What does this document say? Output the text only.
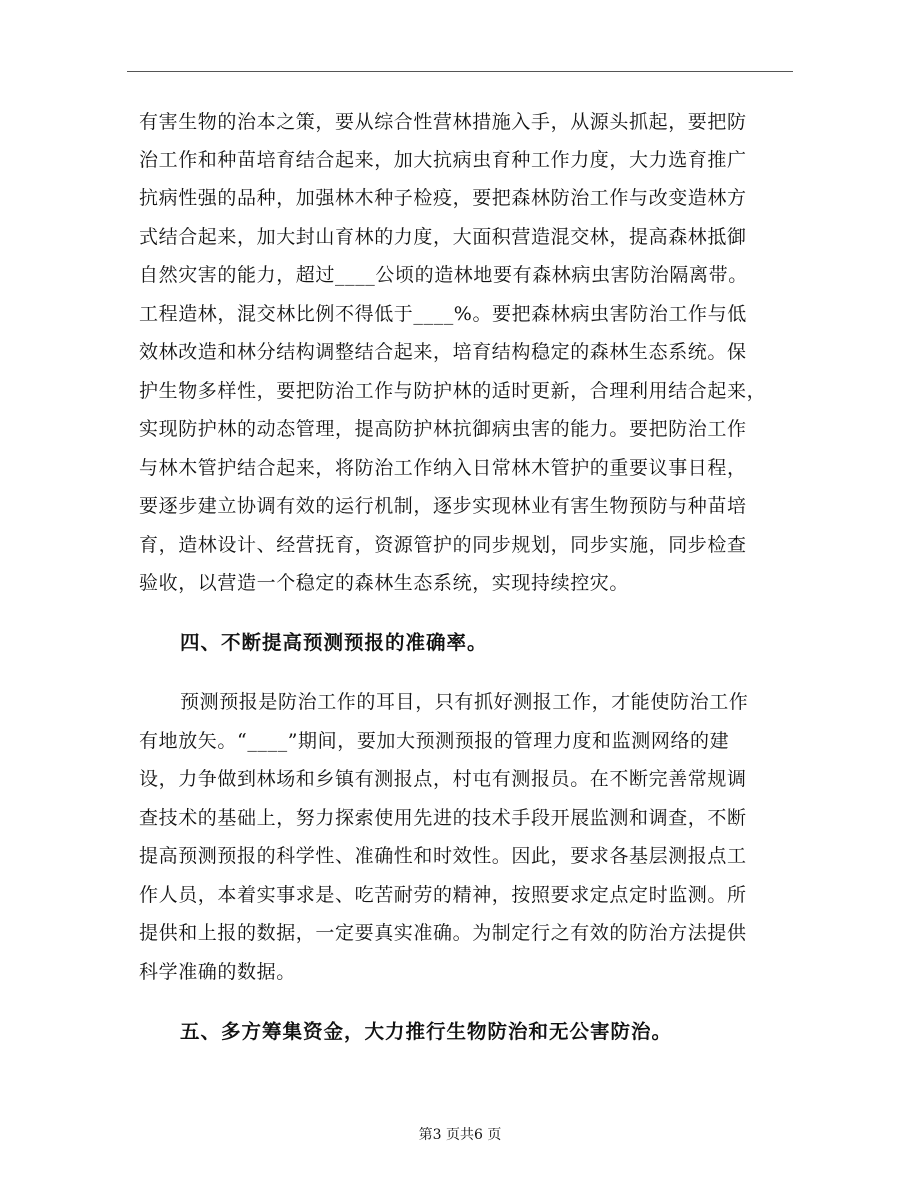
有害生物的治本之策，要从综合性营林措施入手，从源头抓起，要把防
治工作和种苗培育结合起来，加大抗病虫育种工作力度，大力选育推广
抗病性强的品种，加强林木种子检疫，要把森林防治工作与改变造林方
式结合起来，加大封山育林的力度，大面积营造混交林，提高森林抵御
自然灾害的能力，超过____公顷的造林地要有森林病虫害防治隔离带。
工程造林，混交林比例不得低于____%。要把森林病虫害防治工作与低
效林改造和林分结构调整结合起来，培育结构稳定的森林生态系统。保
护生物多样性，要把防治工作与防护林的适时更新，合理利用结合起来，
实现防护林的动态管理，提高防护林抗御病虫害的能力。要把防治工作
与林木管护结合起来，将防治工作纳入日常林木管护的重要议事日程，
要逐步建立协调有效的运行机制，逐步实现林业有害生物预防与种苗培
育，造林设计、经营抚育，资源管护的同步规划，同步实施，同步检查
验收，以营造一个稳定的森林生态系统，实现持续控灾。
四、不断提高预测预报的准确率。
预测预报是防治工作的耳目，只有抓好测报工作，才能使防治工作
有地放矢。“____”期间，要加大预测预报的管理力度和监测网络的建
设，力争做到林场和乡镇有测报点，村屯有测报员。在不断完善常规调
查技术的基础上，努力探索使用先进的技术手段开展监测和调查，不断
提高预测预报的科学性、准确性和时效性。因此，要求各基层测报点工
作人员，本着实事求是、吃苦耐劳的精神，按照要求定点定时监测。所
提供和上报的数据，一定要真实准确。为制定行之有效的防治方法提供
科学准确的数据。
五、多方筹集资金，大力推行生物防治和无公害防治。
第3 页共6 页
